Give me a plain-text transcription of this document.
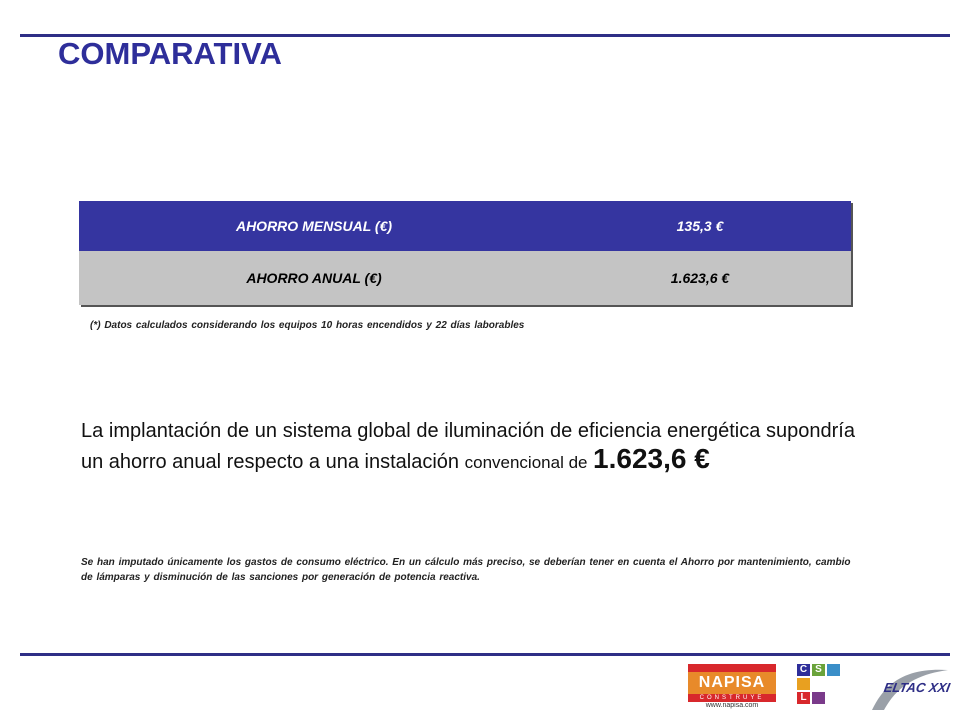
COMPARATIVA
AHORRO MENSUAL (€)	135,3 €
AHORRO ANUAL (€)	1.623,6 €
(*) Datos calculados considerando los equipos 10 horas encendidos y 22 días laborables
La implantación de un sistema global de iluminación de eficiencia energética supondría un ahorro anual respecto a una instalación convencional de 1.623,6 €
Se han imputado únicamente los gastos de consumo eléctrico. En un cálculo más preciso, se deberían tener en cuenta el Ahorro por mantenimiento, cambio de lámparas y disminución de las sanciones por generación de potencia reactiva.
NAPISA
CONSTRUYE
www.napisa.com
C S
L
ELTAC XXI
